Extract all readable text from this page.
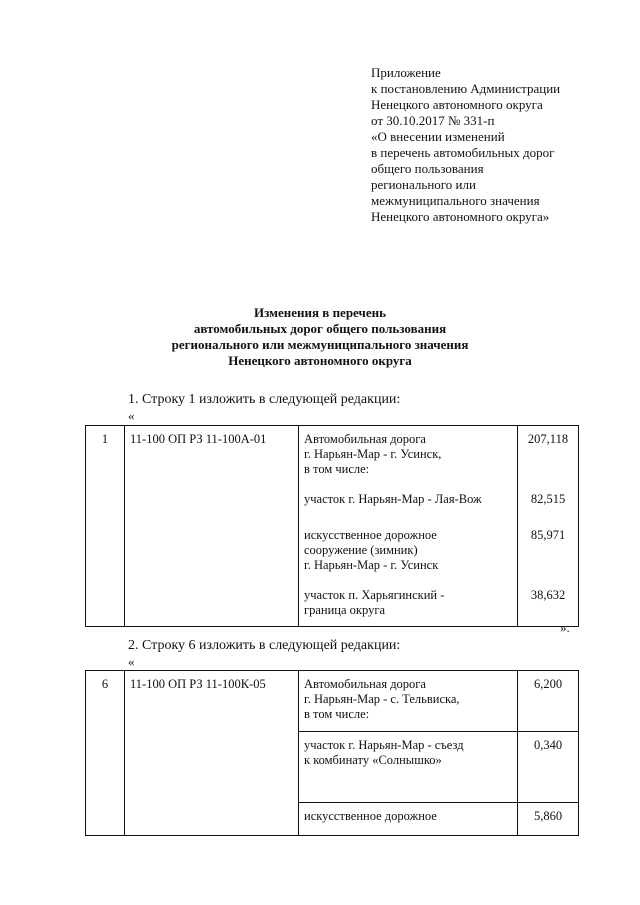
Приложение
к постановлению Администрации
Ненецкого автономного округа
от 30.10.2017 № 331-п
«О внесении изменений
в перечень автомобильных дорог
общего пользования
регионального или
межмуниципального значения
Ненецкого автономного округа»
Изменения в перечень
автомобильных дорог общего пользования
регионального или межмуниципального значения
Ненецкого автономного округа
1. Строку 1 изложить в следующей редакции:
«
1	11-100 ОП РЗ 11-100А-01	Автомобильная дорога
г. Нарьян-Мар - г. Усинск,
в том числе:	207,118

		участок г. Нарьян-Мар - Лая-Вож	82,515

		искусственное дорожное
сооружение (зимник)
г. Нарьян-Мар - г. Усинск	85,971

		участок п. Харьягинский -
граница округа	38,632
».
2. Строку 6 изложить в следующей редакции:
«
6	11-100 ОП РЗ 11-100К-05	Автомобильная дорога
г. Нарьян-Мар - с. Тельвиска,
в том числе:	6,200

		участок г. Нарьян-Мар - съезд
к комбинату «Солнышко»	0,340

		искусственное дорожное	5,860
